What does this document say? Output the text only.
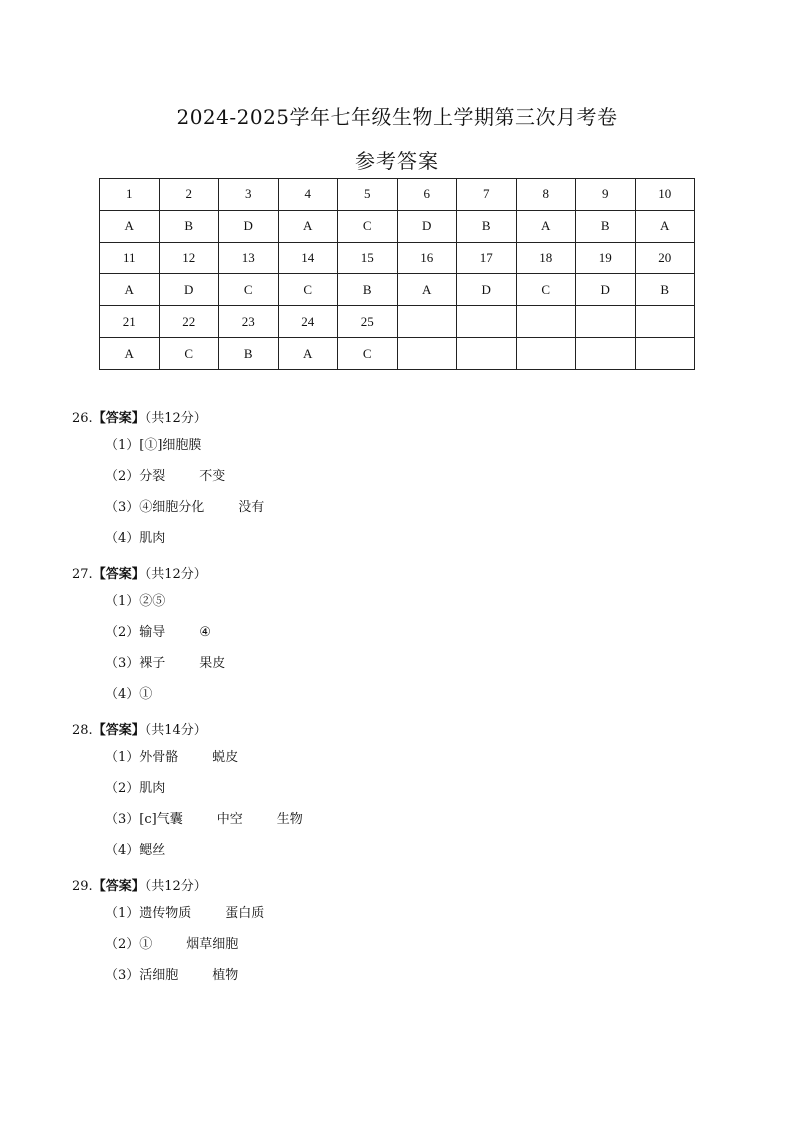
2024-2025学年七年级生物上学期第三次月考卷
参考答案
1	2	3	4	5	6	7	8	9	10
A	B	D	A	C	D	B	A	B	A
11	12	13	14	15	16	17	18	19	20
A	D	C	C	B	A	D	C	D	B
21	22	23	24	25					
A	C	B	A	C					
26.【答案】（共12分）
（1）[①]细胞膜
（2）分裂	不变
（3）④细胞分化	没有
（4）肌肉
27.【答案】（共12分）
（1）②⑤
（2）输导	④
（3）裸子	果皮
（4）①
28.【答案】（共14分）
（1）外骨骼	蜕皮
（2）肌肉
（3）[c]气囊	中空	生物
（4）鳃丝
29.【答案】（共12分）
（1）遗传物质	蛋白质
（2）①	烟草细胞
（3）活细胞	植物
